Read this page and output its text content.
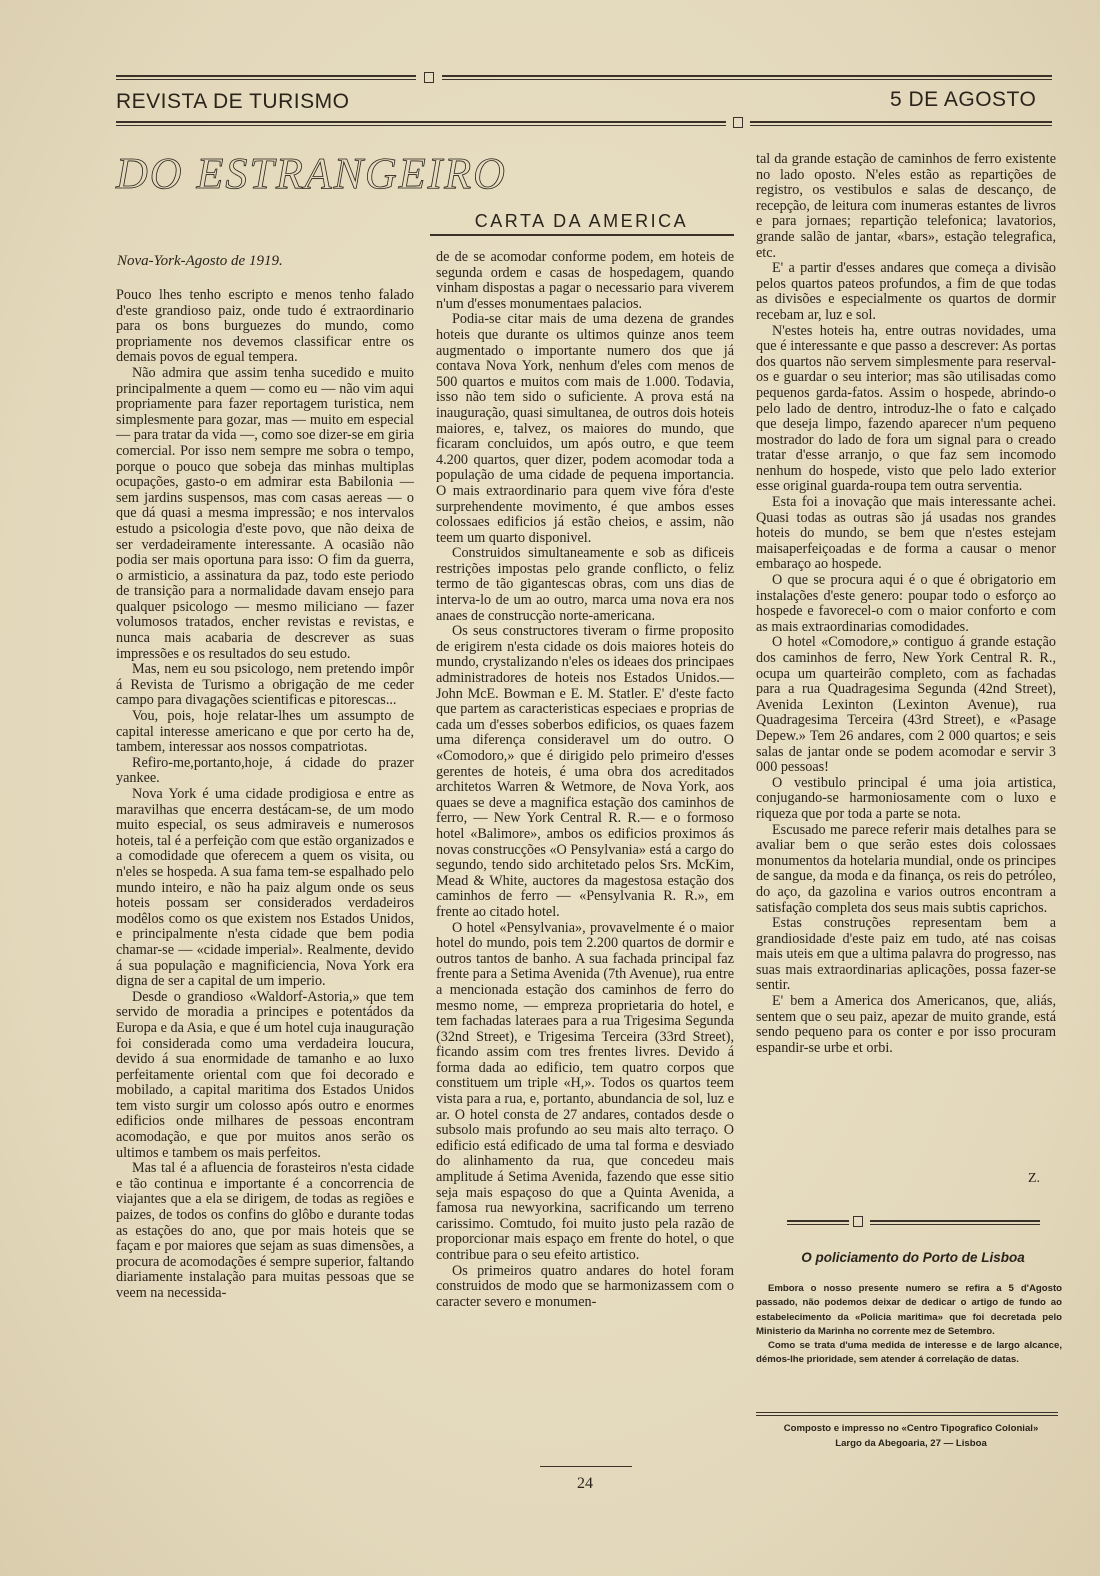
REVISTA DE TURISMO	5 DE AGOSTO
DO ESTRANGEIRO
CARTA DA AMERICA
Nova-York-Agosto de 1919.

Pouco lhes tenho escripto e menos tenho falado d'este grandioso paiz, onde tudo é extraordinario para os bons burguezes do mundo, como propriamente nos devemos classificar entre os demais povos de egual tempera.

Não admira que assim tenha sucedido e muito principalmente a quem — como eu — não vim aqui propriamente para fazer reportagem turistica, nem simplesmente para gozar, mas — muito em especial — para tratar da vida —, como soe dizer-se em giria comercial. Por isso nem sempre me sobra o tempo, porque o pouco que sobeja das minhas multiplas ocupações, gasto-o em admirar esta Babilonia — sem jardins suspensos, mas com casas aereas — o que dá quasi a mesma impressão; e nos intervalos estudo a psicologia d'este povo, que não deixa de ser verdadeiramente interessante. A ocasião não podia ser mais oportuna para isso: O fim da guerra, o armisticio, a assinatura da paz, todo este periodo de transição para a normalidade davam ensejo para qualquer psicologo — mesmo miliciano — fazer volumosos tratados, encher revistas e revistas, e nunca mais acabaria de descrever as suas impressões e os resultados do seu estudo.

Mas, nem eu sou psicologo, nem pretendo impôr á Revista de Turismo a obrigação de me ceder campo para divagações scientificas e pitorescas...

Vou, pois, hoje relatar-lhes um assumpto de capital interesse americano e que por certo ha de, tambem, interessar aos nossos compatriotas.

Refiro-me,portanto,hoje, á cidade do prazer yankee.

Nova York é uma cidade prodigiosa e entre as maravilhas que encerra destácam-se, de um modo muito especial, os seus admiraveis e numerosos hoteis, tal é a perfeição com que estão organizados e a comodidade que oferecem a quem os visita, ou n'eles se hospeda. A sua fama tem-se espalhado pelo mundo inteiro, e não ha paiz algum onde os seus hoteis possam ser considerados verdadeiros modêlos como os que existem nos Estados Unidos, e principalmente n'esta cidade que bem podia chamar-se — «cidade imperial». Realmente, devido á sua população e magnificiencia, Nova York era digna de ser a capital de um imperio.

Desde o grandioso «Waldorf-Astoria,» que tem servido de moradia a principes e potentádos da Europa e da Asia, e que é um hotel cuja inauguração foi considerada como uma verdadeira loucura, devido á sua enormidade de tamanho e ao luxo perfeitamente oriental com que foi decorado e mobilado, a capital maritima dos Estados Unidos tem visto surgir um colosso após outro e enormes edificios onde milhares de pessoas encontram acomodação, e que por muitos anos serão os ultimos e tambem os mais perfeitos.

Mas tal é a afluencia de forasteiros n'esta cidade e tão continua e importante é a concorrencia de viajantes que a ela se dirigem, de todas as regiões e paizes, de todos os confins do glôbo e durante todas as estações do ano, que por mais hoteis que se façam e por maiores que sejam as suas dimensões, a procura de acomodações é sempre superior, faltando diariamente instalação para muitas pessoas que se veem na necessida-

de de se acomodar conforme podem, em hoteis de segunda ordem e casas de hospedagem, quando vinham dispostas a pagar o necessario para viverem n'um d'esses monumentaes palacios.

Podia-se citar mais de uma dezena de grandes hoteis que durante os ultimos quinze anos teem augmentado o importante numero dos que já contava Nova York, nenhum d'eles com menos de 500 quartos e muitos com mais de 1.000. Todavia, isso não tem sido o suficiente. A prova está na inauguração, quasi simultanea, de outros dois hoteis maiores, e, talvez, os maiores do mundo, que ficaram concluidos, um após outro, e que teem 4.200 quartos, quer dizer, podem acomodar toda a população de uma cidade de pequena importancia. O mais extraordinario para quem vive fóra d'este surprehendente movimento, é que ambos esses colossaes edificios já estão cheios, e assim, não teem um quarto disponivel.

Construidos simultaneamente e sob as dificeis restrições impostas pelo grande conflicto, o feliz termo de tão gigantescas obras, com uns dias de interva-lo de um ao outro, marca uma nova era nos anaes de construcção norte-americana.

Os seus constructores tiveram o firme proposito de erigirem n'esta cidade os dois maiores hoteis do mundo, crystalizando n'eles os ideaes dos principaes administradores de hoteis nos Estados Unidos.— John McE. Bowman e E. M. Statler. E' d'este facto que partem as caracteristicas especiaes e proprias de cada um d'esses soberbos edificios, os quaes fazem uma diferença consideravel um do outro. O «Comodoro,» que é dirigido pelo primeiro d'esses gerentes de hoteis, é uma obra dos acreditados architetos Warren & Wetmore, de Nova York, aos quaes se deve a magnifica estação dos caminhos de ferro, — New York Central R. R.— e o formoso hotel «Balimore», ambos os edificios proximos ás novas construcções «O Pensylvania» está a cargo do segundo, tendo sido architetado pelos Srs. McKim, Mead & White, auctores da magestosa estação dos caminhos de ferro — «Pensylvania R. R.», em frente ao citado hotel.

O hotel «Pensylvania», provavelmente é o maior hotel do mundo, pois tem 2.200 quartos de dormir e outros tantos de banho. A sua fachada principal faz frente para a Setima Avenida (7th Avenue), rua entre a mencionada estação dos caminhos de ferro do mesmo nome, — empreza proprietaria do hotel, e tem fachadas lateraes para a rua Trigesima Segunda (32nd Street), e Trigesima Terceira (33rd Street), ficando assim com tres frentes livres. Devido á forma dada ao edificio, tem quatro corpos que constituem um triple «H,». Todos os quartos teem vista para a rua, e, portanto, abundancia de sol, luz e ar. O hotel consta de 27 andares, contados desde o subsolo mais profundo ao seu mais alto terraço. O edificio está edificado de uma tal forma e desviado do alinhamento da rua, que concedeu mais amplitude á Setima Avenida, fazendo que esse sitio seja mais espaçoso do que a Quinta Avenida, a famosa rua newyorkina, sacrificando um terreno carissimo. Comtudo, foi muito justo pela razão de proporcionar mais espaço em frente do hotel, o que contribue para o seu efeito artistico.

Os primeiros quatro andares do hotel foram construidos de modo que se harmonizassem com o caracter severo e monumen-

tal da grande estação de caminhos de ferro existente no lado oposto. N'eles estão as repartições de registro, os vestibulos e salas de descanço, de recepção, de leitura com inumeras estantes de livros e para jornaes; repartição telefonica; lavatorios, grande salão de jantar, «bars», estação telegrafica, etc.

E' a partir d'esses andares que começa a divisão pelos quartos pateos profundos, a fim de que todas as divisões e especialmente os quartos de dormir recebam ar, luz e sol.

N'estes hoteis ha, entre outras novidades, uma que é interessante e que passo a descrever: As portas dos quartos não servem simplesmente para reserval-os e guardar o seu interior; mas são utilisadas como pequenos garda-fatos. Assim o hospede, abrindo-o pelo lado de dentro, introduz-lhe o fato e calçado que deseja limpo, fazendo aparecer n'um pequeno mostrador do lado de fora um signal para o creado tratar d'esse arranjo, o que faz sem incomodo nenhum do hospede, visto que pelo lado exterior esse original guarda-roupa tem outra serventia.

Esta foi a inovação que mais interessante achei. Quasi todas as outras são já usadas nos grandes hoteis do mundo, se bem que n'estes estejam maisaperfeiçoadas e de forma a causar o menor embaraço ao hospede.

O que se procura aqui é o que é obrigatorio em instalações d'este genero: poupar todo o esforço ao hospede e favorecel-o com o maior conforto e com as mais extraordinarias comodidades.

O hotel «Comodore,» contiguo á grande estação dos caminhos de ferro, New York Central R. R., ocupa um quarteirão completo, com as fachadas para a rua Quadragesima Segunda (42nd Street), Avenida Lexinton (Lexinton Avenue), rua Quadragesima Terceira (43rd Street), e «Pasage Depew.» Tem 26 andares, com 2 000 quartos; e seis salas de jantar onde se podem acomodar e servir 3 000 pessoas!

O vestibulo principal é uma joia artistica, conjugando-se harmoniosamente com o luxo e riqueza que por toda a parte se nota.

Escusado me parece referir mais detalhes para se avaliar bem o que serão estes dois colossaes monumentos da hotelaria mundial, onde os principes de sangue, da moda e da finança, os reis do petróleo, do aço, da gazolina e varios outros encontram a satisfação completa dos seus mais subtis caprichos.

Estas construções representam bem a grandiosidade d'este paiz em tudo, até nas coisas mais uteis em que a ultima palavra do progresso, nas suas mais extraordinarias aplicações, possa fazer-se sentir.

E' bem a America dos Americanos, que, aliás, sentem que o seu paiz, apezar de muito grande, está sendo pequeno para os conter e por isso procuram espandir-se urbe et orbi.

Z.
O policiamento do Porto de Lisboa

Embora o nosso presente numero se refira a 5 d'Agosto passado, não podemos deixar de dedicar o artigo de fundo ao estabelecimento da «Policia maritima» que foi decretada pelo Ministerio da Marinha no corrente mez de Setembro.

Como se trata d'uma medida de interesse e de largo alcance, démos-lhe prioridade, sem atender á correlação de datas.

Composto e impresso no «Centro Tipografico Colonial»
Largo da Abegoaria, 27 — Lisboa
24
